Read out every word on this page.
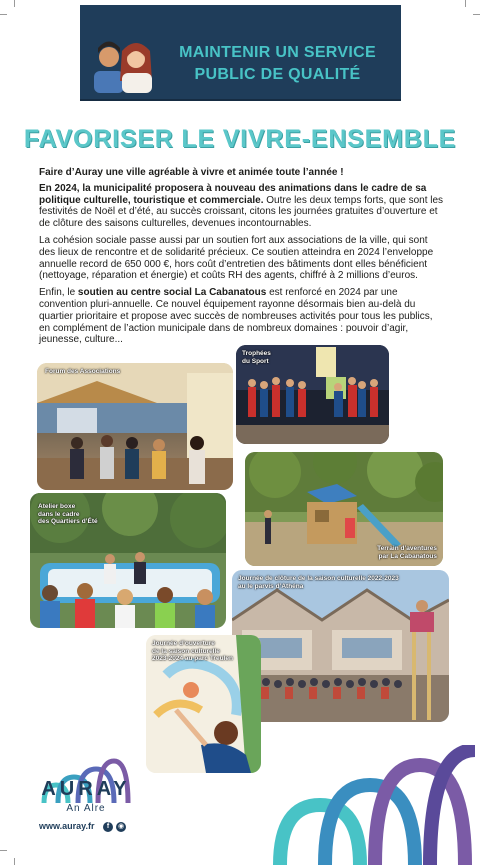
MAINTENIR UN SERVICE
PUBLIC DE QUALITÉ
FAVORISER LE VIVRE-ENSEMBLE

Faire d’Auray une ville agréable à vivre et animée toute l’année !

En 2024, la municipalité proposera à nouveau des animations dans le cadre de sa politique culturelle, touristique et commerciale. Outre les deux temps forts, que sont les festivités de Noël et d’été, au succès croissant, citons les journées gratuites d’ouverture et de clôture des saisons culturelles, devenues incontournables.

La cohésion sociale passe aussi par un soutien fort aux associations de la ville, qui sont des lieux de rencontre et de solidarité précieux. Ce soutien atteindra en 2024 l’enveloppe annuelle record de 650 000 €, hors coût d’entretien des bâtiments dont elles bénéficient (nettoyage, réparation et énergie) et coûts RH des agents, chiffré à 2 millions d’euros.

Enfin, le soutien au centre social La Cabanatous est renforcé en 2024 par une convention pluri-annuelle. Ce nouvel équipement rayonne désormais bien au-delà du quartier prioritaire et propose avec succès de nombreuses activités pour tous les publics, en complément de l’action municipale dans de nombreux domaines : pouvoir d’agir, jeunesse, culture...

Forum des Associations
Trophées
du Sport
Terrain d’aventures
par La Cabanatous
Atelier boxe
dans le cadre
des Quartiers d’Été
Journée de clôture de la saison culturelle 2022-2023
au le parvis d’Athéna
Journée d’ouverture
de la saison culturelle
2023-2024 au parc Treulen
AURAY
An Alre
www.auray.fr	f	◉
